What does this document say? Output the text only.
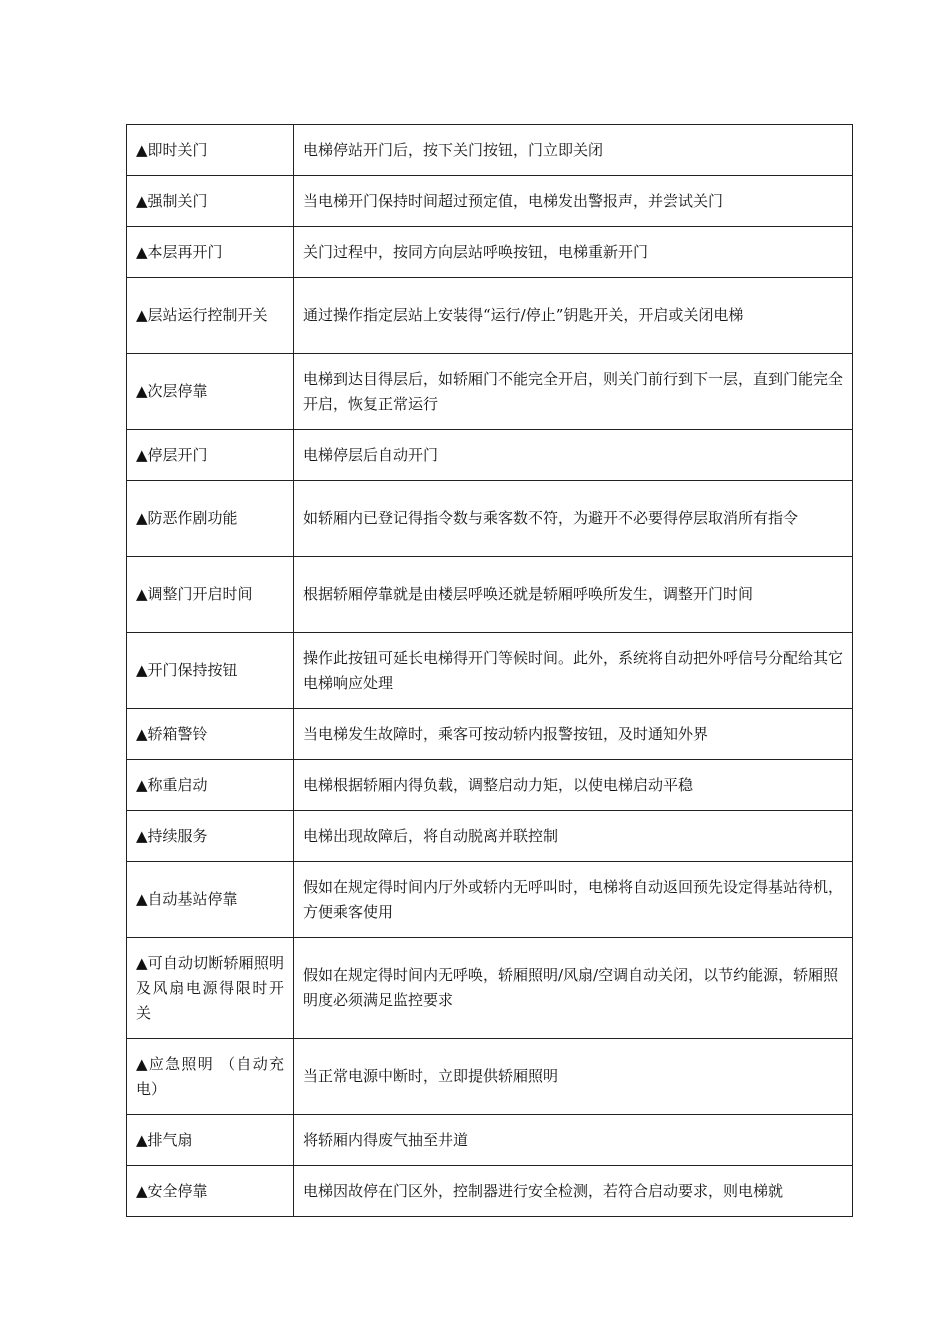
▲即时关门	电梯停站开门后，按下关门按钮，门立即关闭
▲强制关门	当电梯开门保持时间超过预定值，电梯发出警报声，并尝试关门
▲本层再开门	关门过程中，按同方向层站呼唤按钮，电梯重新开门
▲层站运行控制开关	通过操作指定层站上安装得“运行/停止”钥匙开关，开启或关闭电梯
▲次层停靠	电梯到达目得层后，如轿厢门不能完全开启，则关门前行到下一层，直到门能完全开启，恢复正常运行
▲停层开门	电梯停层后自动开门
▲防恶作剧功能	如轿厢内已登记得指令数与乘客数不符，为避开不必要得停层取消所有指令
▲调整门开启时间	根据轿厢停靠就是由楼层呼唤还就是轿厢呼唤所发生，调整开门时间
▲开门保持按钮	操作此按钮可延长电梯得开门等候时间。此外，系统将自动把外呼信号分配给其它电梯响应处理
▲轿箱警铃	当电梯发生故障时，乘客可按动轿内报警按钮，及时通知外界
▲称重启动	电梯根据轿厢内得负载，调整启动力矩，以使电梯启动平稳
▲持续服务	电梯出现故障后，将自动脱离并联控制
▲自动基站停靠	假如在规定得时间内厅外或轿内无呼叫时，电梯将自动返回预先设定得基站待机，方便乘客使用
▲可自动切断轿厢照明及风扇电源得限时开关	假如在规定得时间内无呼唤，轿厢照明/风扇/空调自动关闭，以节约能源，轿厢照明度必须满足监控要求
▲应急照明 （自动充电）	当正常电源中断时，立即提供轿厢照明
▲排气扇	将轿厢内得废气抽至井道
▲安全停靠	电梯因故停在门区外，控制器进行安全检测，若符合启动要求，则电梯就
